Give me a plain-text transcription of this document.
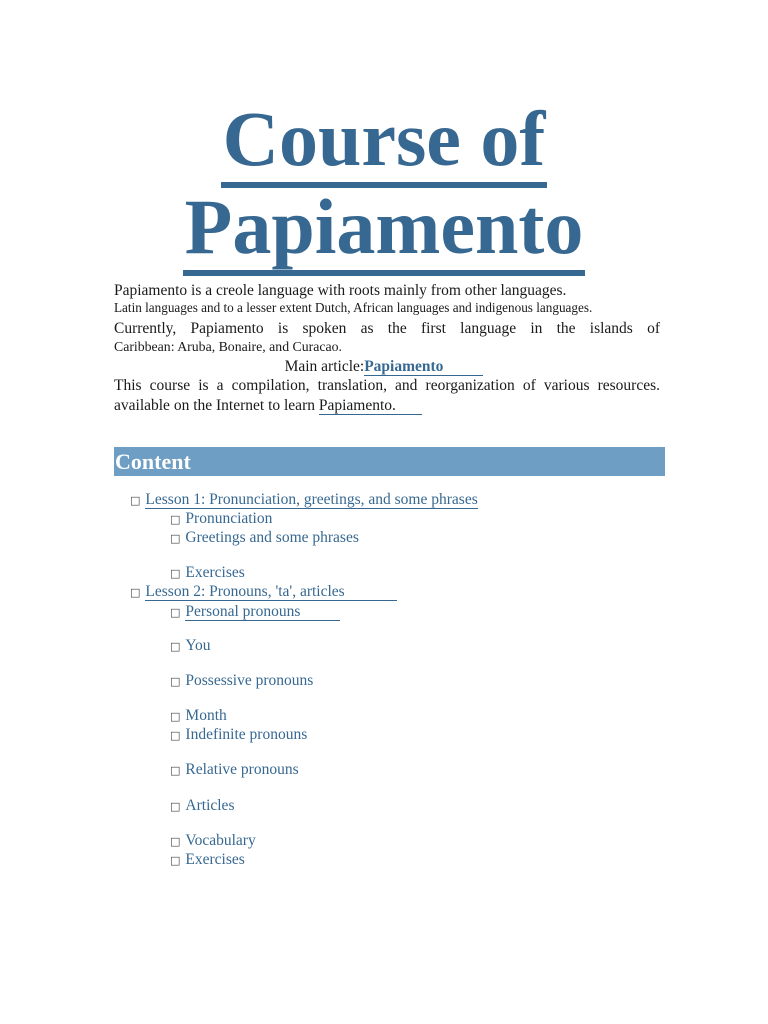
Course of
Papiamento

Papiamento is a creole language with roots mainly from other languages.

Latin languages and to a lesser extent Dutch, African languages and indigenous languages.

Currently, Papiamento is spoken as the first language in the islands of

Caribbean: Aruba, Bonaire, and Curacao.

Main article:Papiamento

This course is a compilation, translation, and reorganization of various resources.

available on the Internet to learn Papiamento.

Content
□ Lesson 1: Pronunciation, greetings, and some phrases
□ Pronunciation
□ Greetings and some phrases
□ Exercises
□ Lesson 2: Pronouns, 'ta', articles
□ Personal pronouns
□ You
□ Possessive pronouns
□ Month
□ Indefinite pronouns
□ Relative pronouns
□ Articles
□ Vocabulary
□ Exercises
